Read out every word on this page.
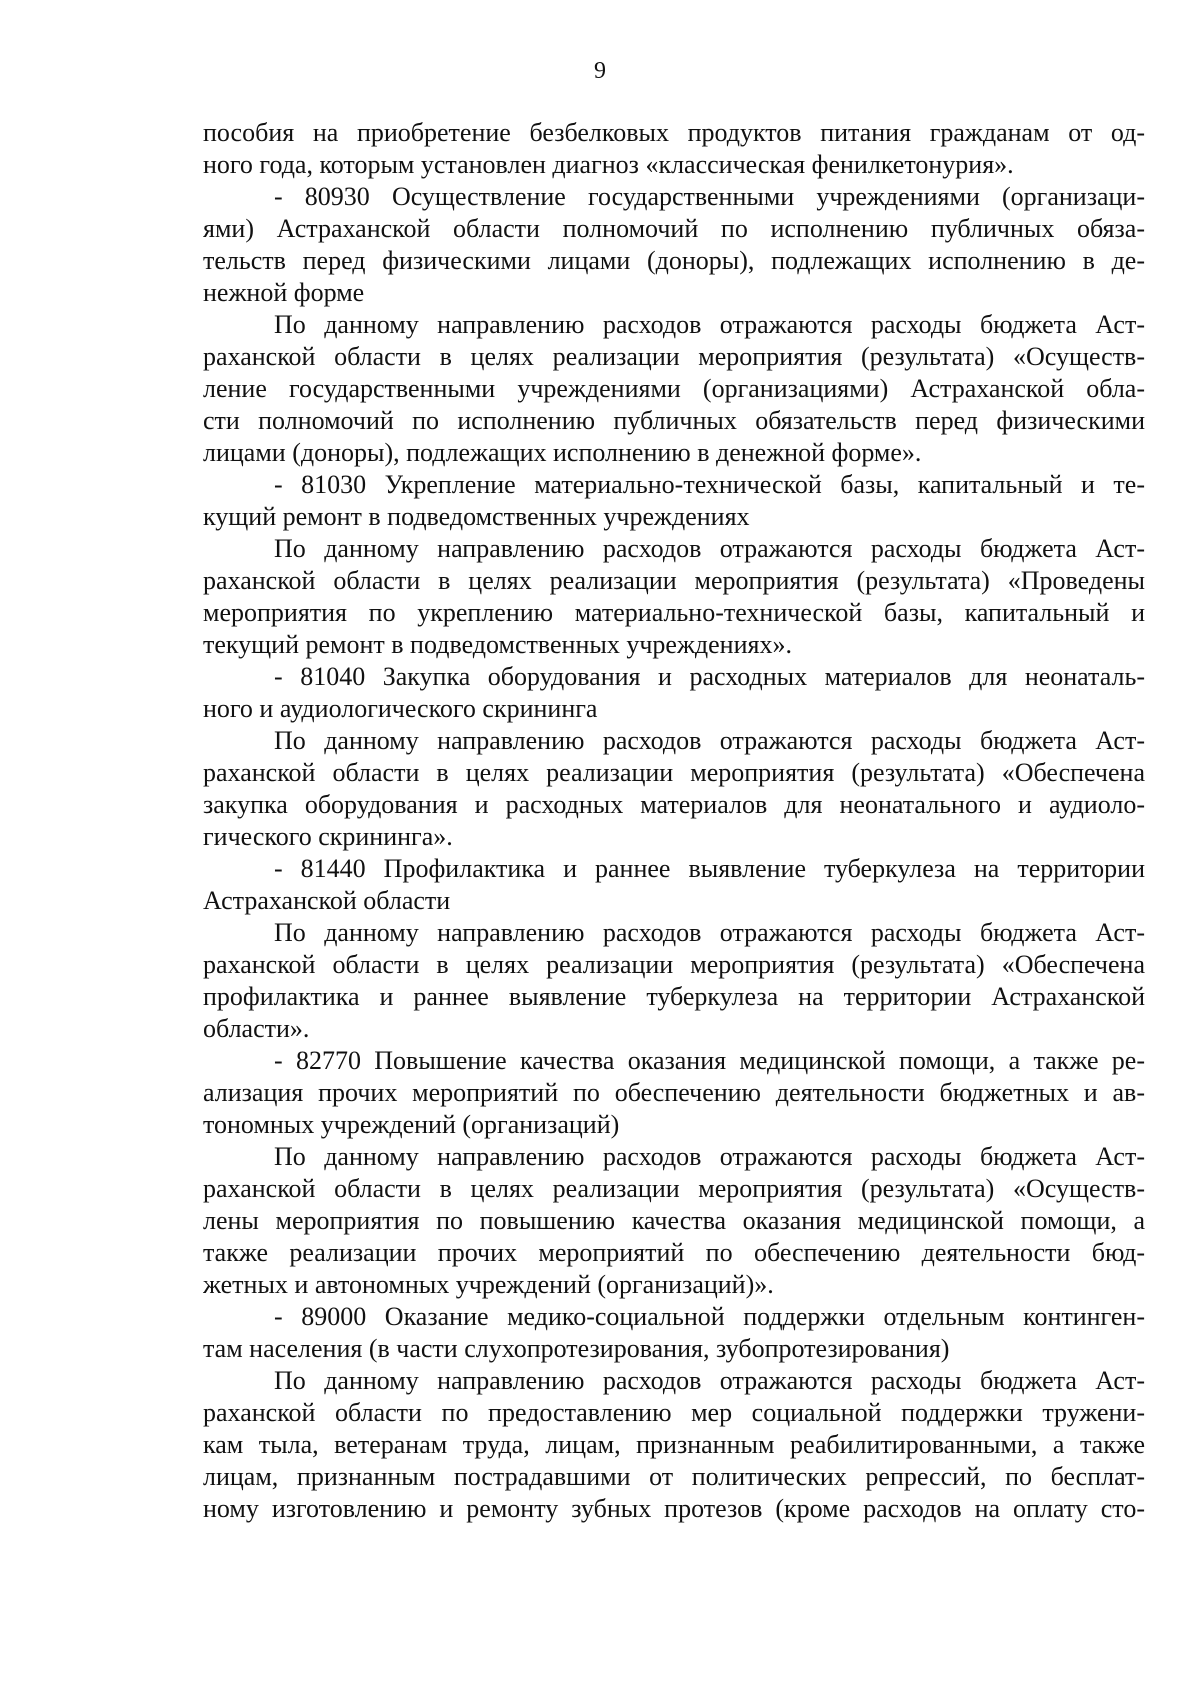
9
пособия на приобретение безбелковых продуктов питания гражданам от од-
ного года, которым установлен диагноз «классическая фенилкетонурия».
- 80930 Осуществление государственными учреждениями (организаци-
ями) Астраханской области полномочий по исполнению публичных обяза-
тельств перед физическими лицами (доноры), подлежащих исполнению в де-
нежной форме
По данному направлению расходов отражаются расходы бюджета Аст-
раханской области в целях реализации мероприятия (результата) «Осуществ-
ление государственными учреждениями (организациями) Астраханской обла-
сти полномочий по исполнению публичных обязательств перед физическими
лицами (доноры), подлежащих исполнению в денежной форме».
- 81030 Укрепление материально-технической базы, капитальный и те-
кущий ремонт в подведомственных учреждениях
По данному направлению расходов отражаются расходы бюджета Аст-
раханской области в целях реализации мероприятия (результата) «Проведены
мероприятия по укреплению материально-технической базы, капитальный и
текущий ремонт в подведомственных учреждениях».
- 81040 Закупка оборудования и расходных материалов для неонаталь-
ного и аудиологического скрининга
По данному направлению расходов отражаются расходы бюджета Аст-
раханской области в целях реализации мероприятия (результата) «Обеспечена
закупка оборудования и расходных материалов для неонатального и аудиоло-
гического скрининга».
- 81440 Профилактика и раннее выявление туберкулеза на территории
Астраханской области
По данному направлению расходов отражаются расходы бюджета Аст-
раханской области в целях реализации мероприятия (результата) «Обеспечена
профилактика и раннее выявление туберкулеза на территории Астраханской
области».
- 82770 Повышение качества оказания медицинской помощи, а также ре-
ализация прочих мероприятий по обеспечению деятельности бюджетных и ав-
тономных учреждений (организаций)
По данному направлению расходов отражаются расходы бюджета Аст-
раханской области в целях реализации мероприятия (результата) «Осуществ-
лены мероприятия по повышению качества оказания медицинской помощи, а
также реализации прочих мероприятий по обеспечению деятельности бюд-
жетных и автономных учреждений (организаций)».
- 89000 Оказание медико-социальной поддержки отдельным континген-
там населения (в части слухопротезирования, зубопротезирования)
По данному направлению расходов отражаются расходы бюджета Аст-
раханской области по предоставлению мер социальной поддержки тружени-
кам тыла, ветеранам труда, лицам, признанным реабилитированными, а также
лицам, признанным пострадавшими от политических репрессий, по бесплат-
ному изготовлению и ремонту зубных протезов (кроме расходов на оплату сто-
